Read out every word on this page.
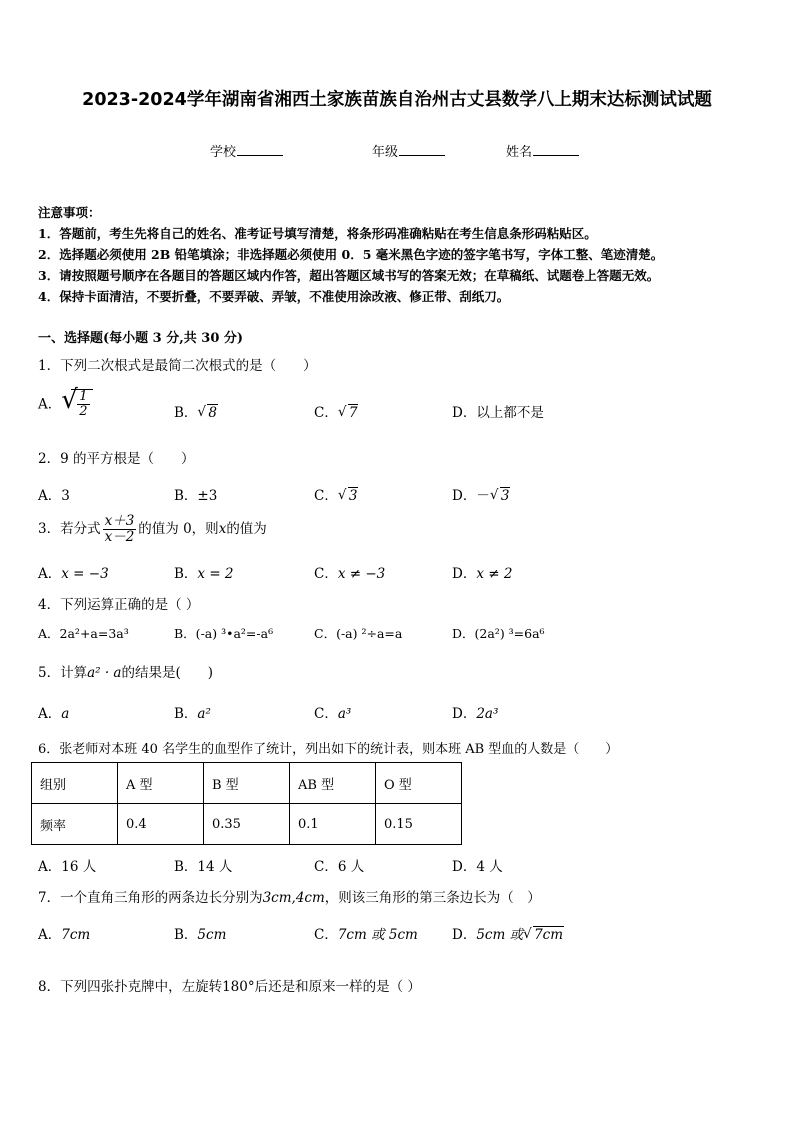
2023-2024学年湖南省湘西土家族苗族自治州古丈县数学八上期末达标测试试题
学校	年级	姓名
注意事项：
1．答题前，考生先将自己的姓名、准考证号填写清楚，将条形码准确粘贴在考生信息条形码粘贴区。
2．选择题必须使用 2B 铅笔填涂；非选择题必须使用 0．5 毫米黑色字迹的签字笔书写，字体工整、笔迹清楚。
3．请按照题号顺序在各题目的答题区域内作答，超出答题区域书写的答案无效；在草稿纸、试题卷上答题无效。
4．保持卡面清洁，不要折叠，不要弄破、弄皱，不准使用涂改液、修正带、刮纸刀。
一、选择题(每小题 3 分,共 30 分)
1．下列二次根式是最简二次根式的是（　　）
A． √ $\frac{1}{2}$	B． √ 8	C． √ 7	D．以上都不是
2．9 的平方根是（　　）
A．3	B．±3	C． √ 3	D．－ √ 3
3．若分式 $\frac{x+3}{x-2}$ 的值为 0，则x的值为
A．x = −3	B．x = 2	C．x ≠ −3	D．x ≠ 2
4．下列运算正确的是（ ）
A．2a²+a=3a³	B．(-a) ³•a²=-a⁶	C．(-a) ²÷a=a	D．(2a²) ³=6a⁶
5．计算a² · a的结果是(　　)
A．a	B．a²	C．a³	D．2a³
6．张老师对本班 40 名学生的血型作了统计，列出如下的统计表，则本班 AB 型血的人数是（　　）
组别	A 型	B 型	AB 型	O 型
频率	0.4	0.35	0.1	0.15
A．16 人	B．14 人	C．6 人	D．4 人
7．一个直角三角形的两条边长分别为3cm,4cm，则该三角形的第三条边长为（　）
A．7cm	B．5cm	C．7cm 或 5cm	D．5cm 或 √ 7cm
8．下列四张扑克牌中，左旋转180°后还是和原来一样的是（ ）
